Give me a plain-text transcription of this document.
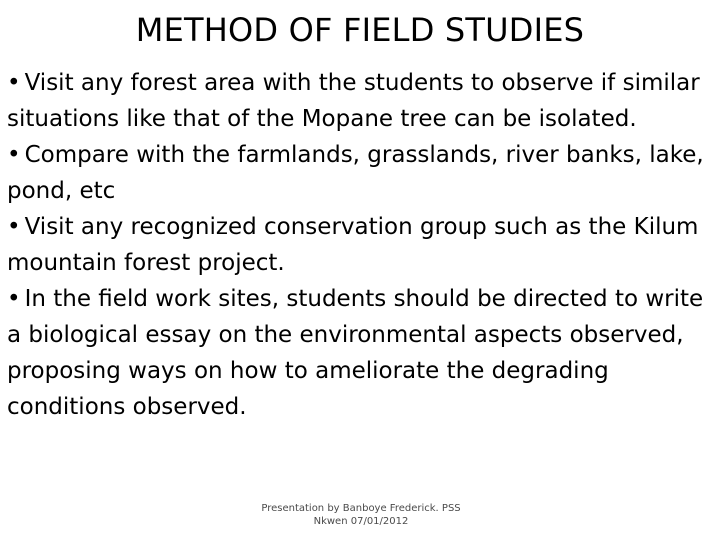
METHOD OF FIELD STUDIES

• Visit any forest area with the students to observe if similar situations like that of the Mopane tree can be isolated.

• Compare with the farmlands, grasslands, river banks, lake, pond, etc

• Visit any recognized conservation group such as the Kilum mountain forest project.

• In the field work sites, students should be directed to write a biological essay on the environmental aspects observed, proposing ways on how to ameliorate the degrading conditions observed.

Presentation by Banboye Frederick. PSS
Nkwen 07/01/2012
